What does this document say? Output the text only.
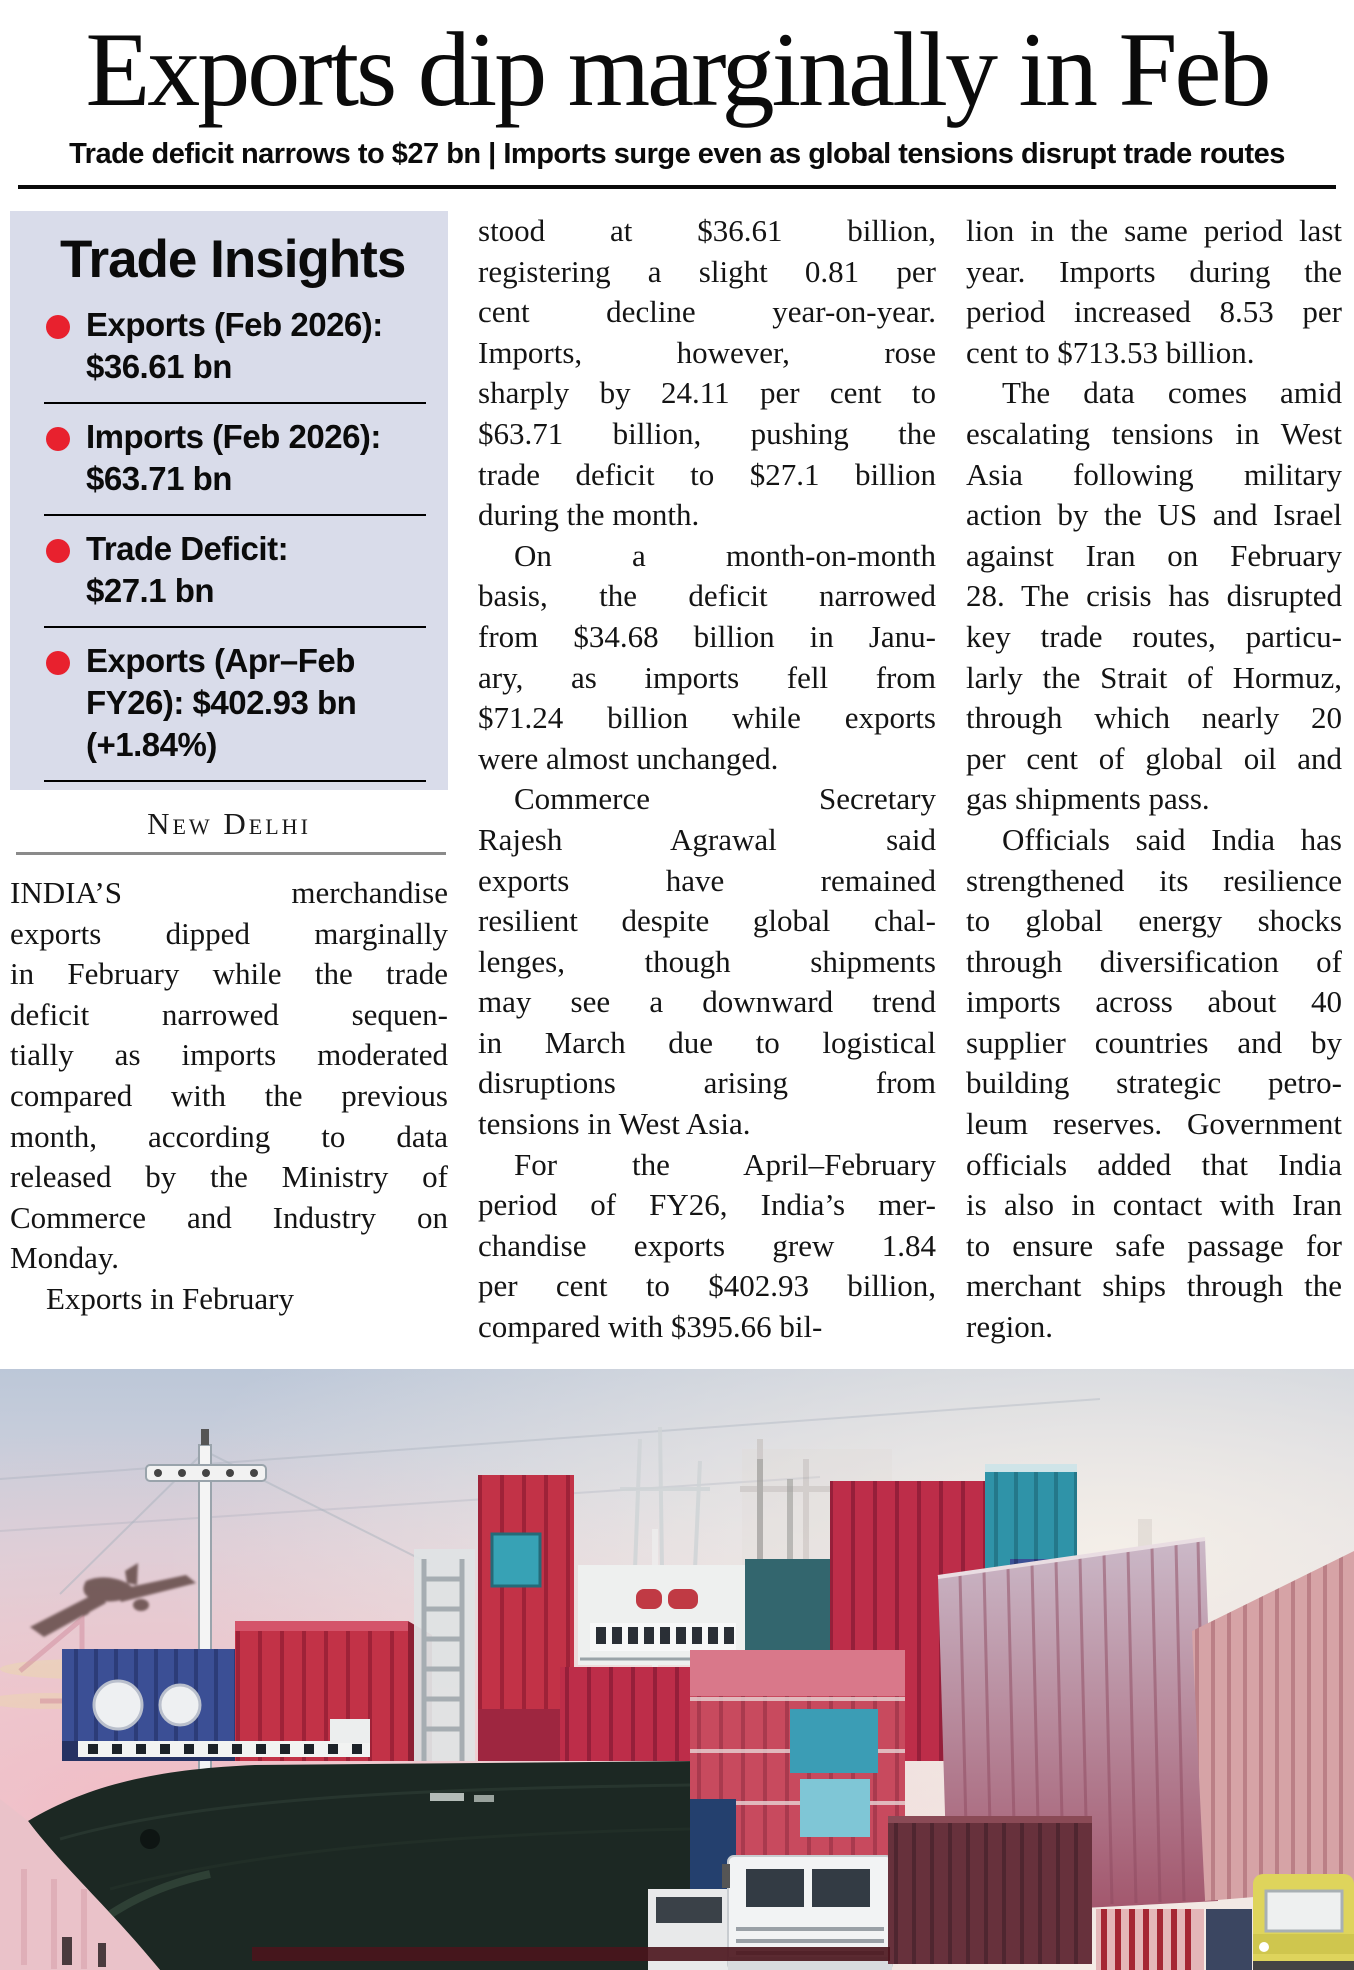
Exports dip marginally in Feb
Trade deficit narrows to $27 bn | Imports surge even as global tensions disrupt trade routes
Trade Insights
Exports (Feb 2026):
$36.61 bn
Imports (Feb 2026):
$63.71 bn
Trade Deficit:
$27.1 bn
Exports (Apr–Feb
FY26): $402.93 bn
(+1.84%)
New Delhi
INDIA’S merchandise
exports dipped marginally
in February while the trade
deficit narrowed sequen-
tially as imports moderated
compared with the previous
month, according to data
released by the Ministry of
Commerce and Industry on
Monday.
Exports in February
stood at $36.61 billion,
registering a slight 0.81 per
cent decline year-on-year.
Imports, however, rose
sharply by 24.11 per cent to
$63.71 billion, pushing the
trade deficit to $27.1 billion
during the month.
On a month-on-month
basis, the deficit narrowed
from $34.68 billion in Janu-
ary, as imports fell from
$71.24 billion while exports
were almost unchanged.
Commerce Secretary
Rajesh Agrawal said
exports have remained
resilient despite global chal-
lenges, though shipments
may see a downward trend
in March due to logistical
disruptions arising from
tensions in West Asia.
For the April–February
period of FY26, India’s mer-
chandise exports grew 1.84
per cent to $402.93 billion,
compared with $395.66 bil-
lion in the same period last
year. Imports during the
period increased 8.53 per
cent to $713.53 billion.
The data comes amid
escalating tensions in West
Asia following military
action by the US and Israel
against Iran on February
28. The crisis has disrupted
key trade routes, particu-
larly the Strait of Hormuz,
through which nearly 20
per cent of global oil and
gas shipments pass.
Officials said India has
strengthened its resilience
to global energy shocks
through diversification of
imports across about 40
supplier countries and by
building strategic petro-
leum reserves. Government
officials added that India
is also in contact with Iran
to ensure safe passage for
merchant ships through the
region.
